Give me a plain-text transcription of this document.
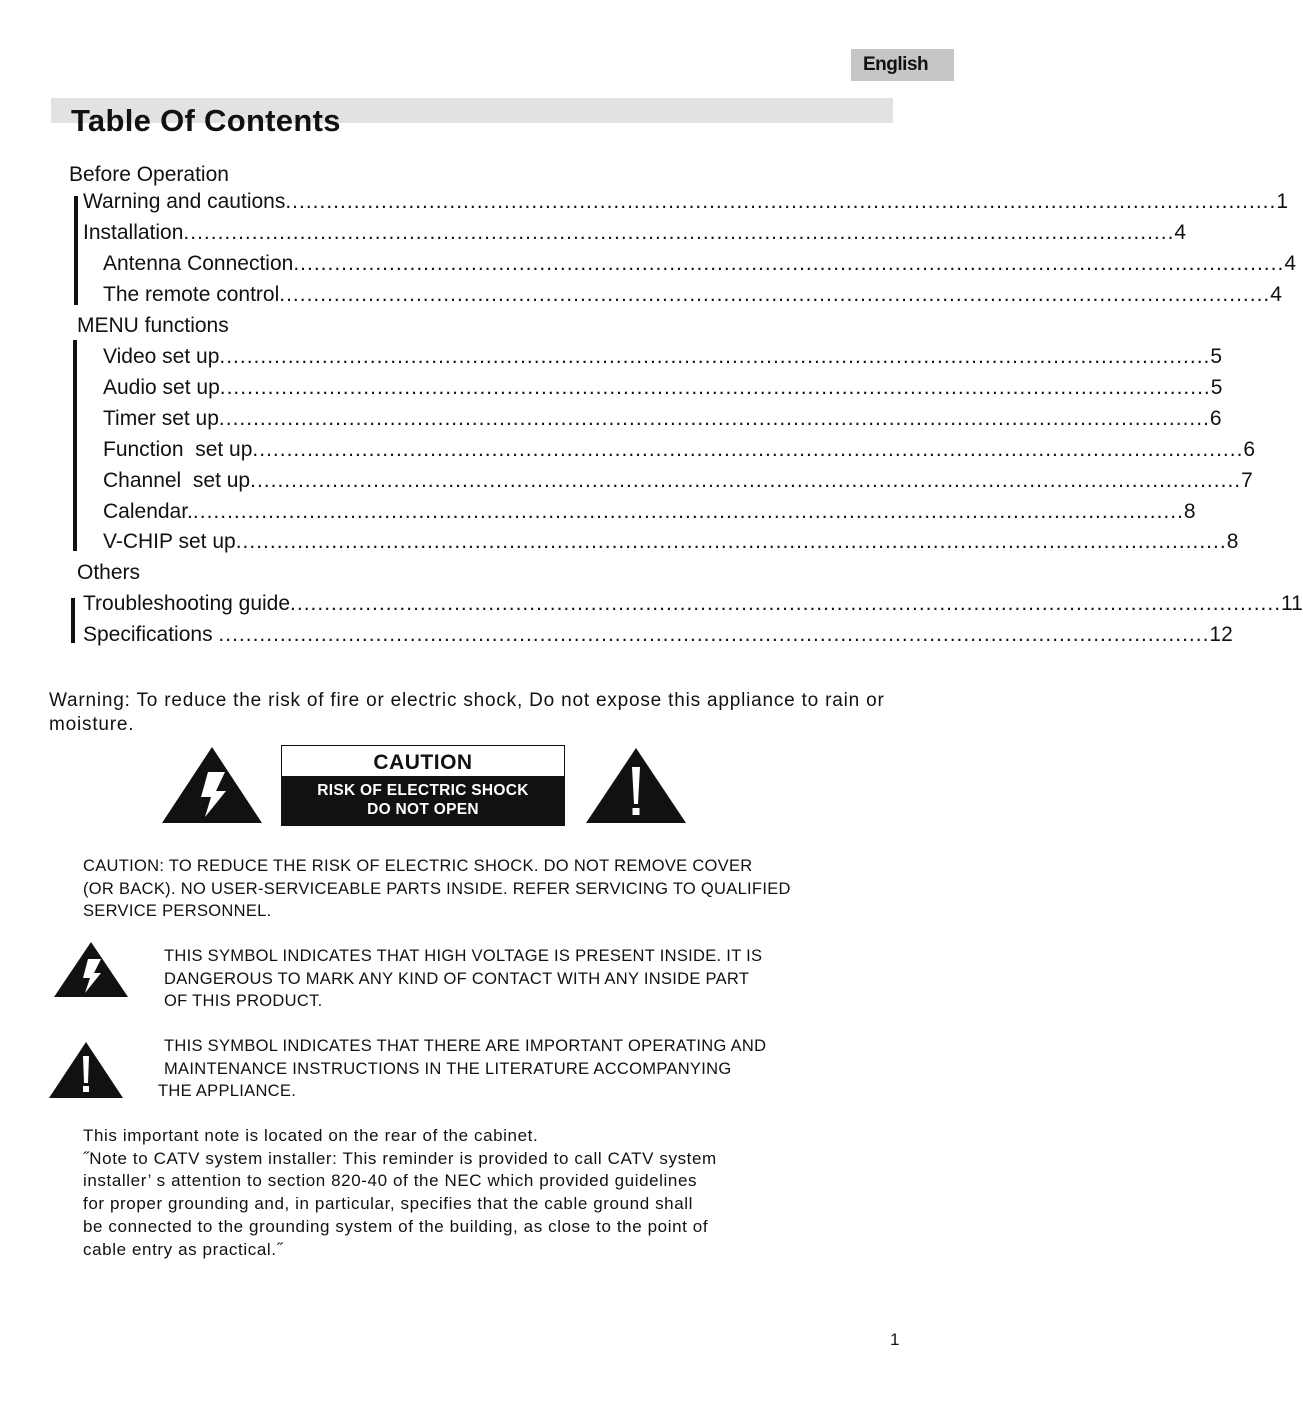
English
Table Of Contents
Before Operation
Warning and cautions ................................................................................................................................................. 1
Installation ................................................................................................................................................. 4
Antenna Connection ................................................................................................................................................. 4
The remote control ................................................................................................................................................. 4
MENU functions
Video set up ................................................................................................................................................. 5
Audio set up ................................................................................................................................................. 5
Timer set up ................................................................................................................................................. 6
Function  set up ................................................................................................................................................. 6
Channel  set up ................................................................................................................................................. 7
Calendar. ................................................................................................................................................. 8
V-CHIP set up ................................................................................................................................................. 8
Others
Troubleshooting guide ................................................................................................................................................. 11
Specifications ................................................................................................................................................. 12
Warning: To reduce the risk of fire or electric shock, Do not expose this appliance to rain or moisture.
CAUTION
RISK OF ELECTRIC SHOCK
DO NOT OPEN
CAUTION: TO REDUCE THE RISK OF ELECTRIC SHOCK. DO NOT REMOVE COVER
(OR BACK). NO USER-SERVICEABLE PARTS INSIDE. REFER SERVICING TO QUALIFIED
SERVICE PERSONNEL.
THIS SYMBOL INDICATES THAT HIGH VOLTAGE IS PRESENT INSIDE. IT IS
DANGEROUS TO MARK ANY KIND OF CONTACT WITH ANY INSIDE PART
OF THIS PRODUCT.
THIS SYMBOL INDICATES THAT THERE ARE IMPORTANT OPERATING AND
MAINTENANCE INSTRUCTIONS IN THE LITERATURE ACCOMPANYING
THE APPLIANCE.
This important note is located on the rear of the cabinet.
˝Note to CATV system installer: This reminder is provided to call CATV system
installer’ s attention to section 820-40 of the NEC which provided guidelines
for proper grounding and, in particular, specifies that the cable ground shall
be connected to the grounding system of the building, as close to the point of
cable entry as practical.˝
1
